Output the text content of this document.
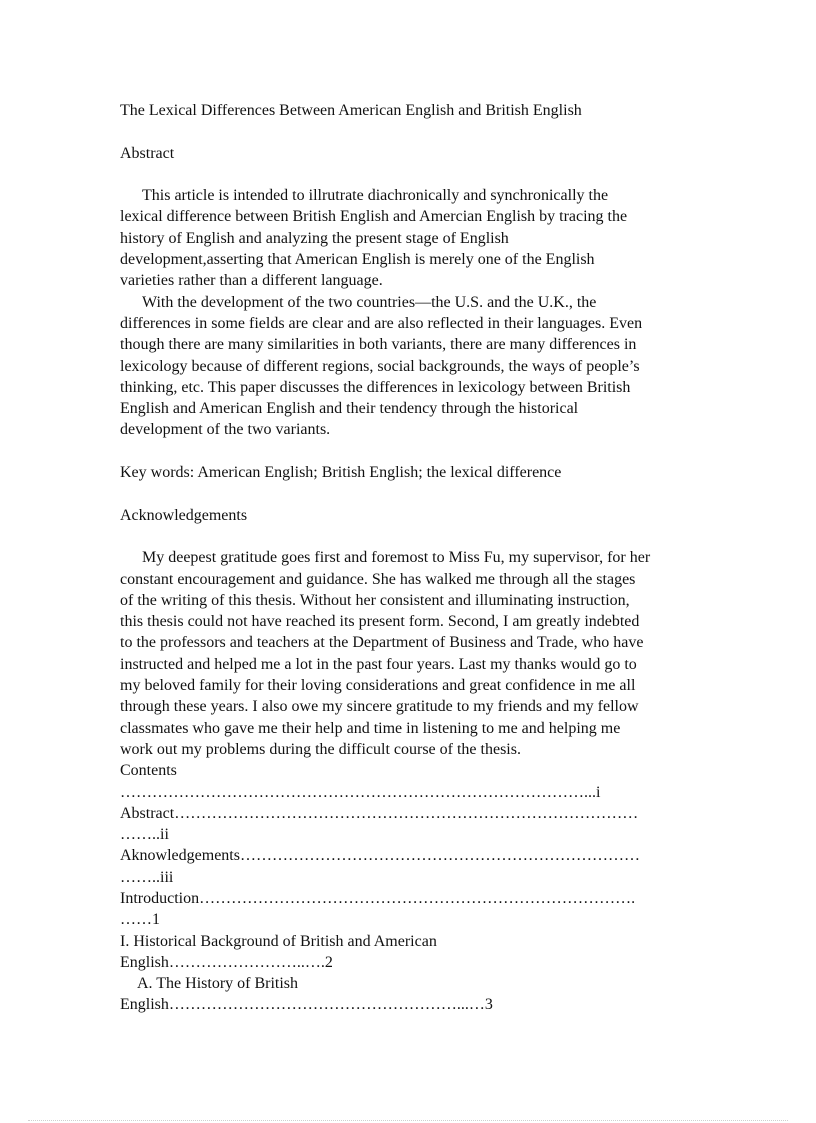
The Lexical Differences Between American English and British English

Abstract

This article is intended to illrutrate diachronically and synchronically the

lexical difference between British English and Amercian English by tracing the

history of English and analyzing the present stage of English

development,asserting that American English is merely one of the English

varieties rather than a different language.

With the development of the two countries—the U.S. and the U.K., the

differences in some fields are clear and are also reflected in their languages. Even

though there are many similarities in both variants, there are many differences in

lexicology because of different regions, social backgrounds, the ways of people’s

thinking, etc. This paper discusses the differences in lexicology between British

English and American English and their tendency through the historical

development of the two variants.

Key words: American English; British English; the lexical difference

Acknowledgements

My deepest gratitude goes first and foremost to Miss Fu, my supervisor, for her

constant encouragement and guidance. She has walked me through all the stages

of the writing of this thesis. Without her consistent and illuminating instruction,

this thesis could not have reached its present form. Second, I am greatly indebted

to the professors and teachers at the Department of Business and Trade, who have

instructed and helped me a lot in the past four years. Last my thanks would go to

my beloved family for their loving considerations and great confidence in me all

through these years. I also owe my sincere gratitude to my friends and my fellow

classmates who gave me their help and time in listening to me and helping me

work out my problems during the difficult course of the thesis.

Contents

……………………………………………………………………………...i

Abstract……………………………………………………………………………

……..ii

Aknowledgements…………………………………………………………………

……..iii

Introduction……………………………………………………………………….

……1

I. Historical Background of British and American

English……………………..….2

A. The History of British

English………………………………………………...…3
